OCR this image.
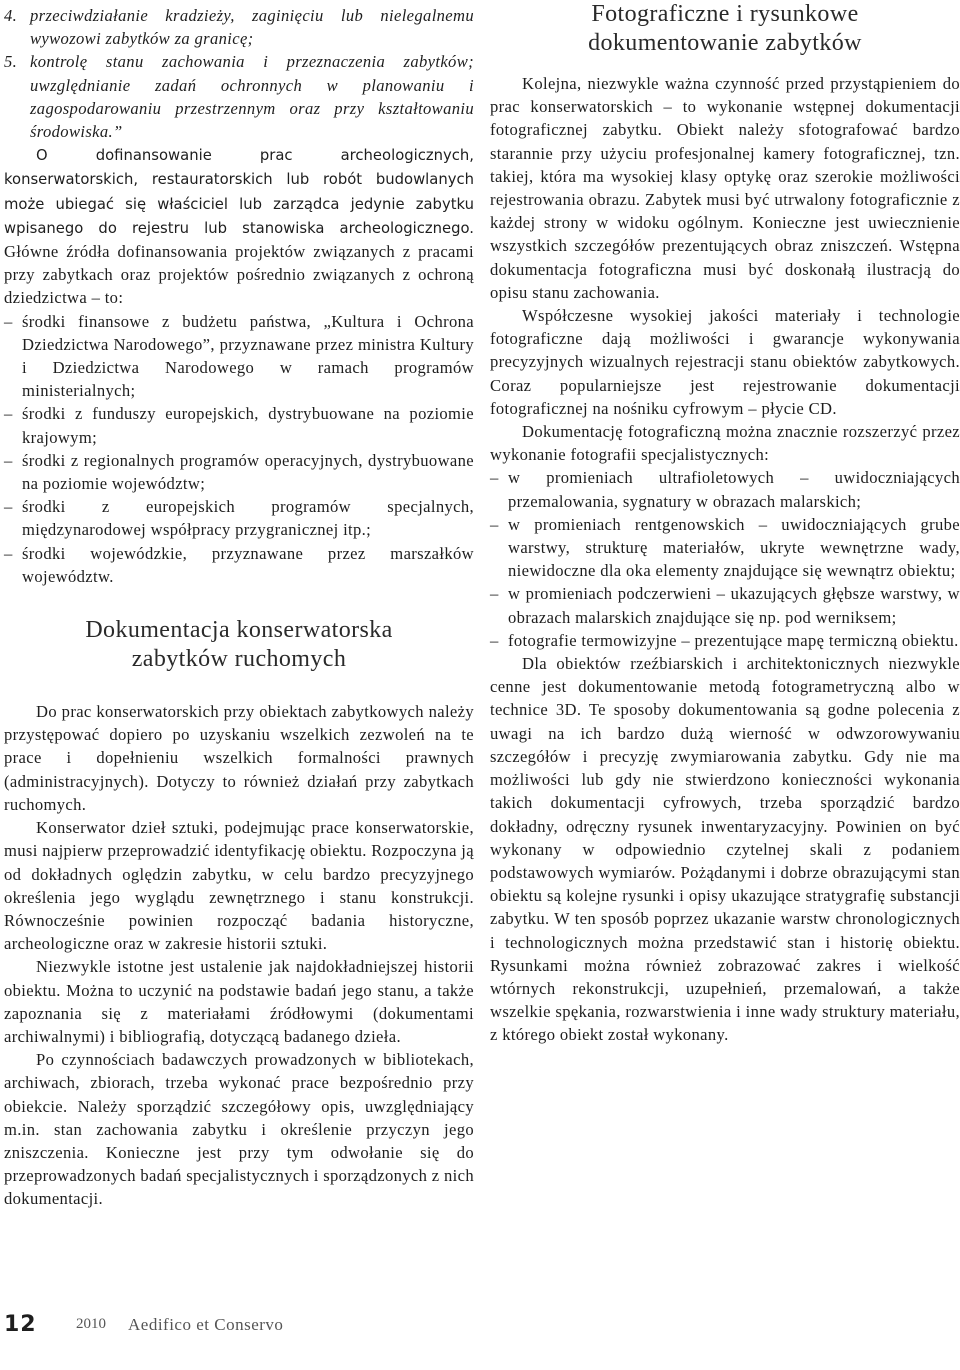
4. przeciwdziałanie kradzieży, zaginięciu lub nielegalnemu wywozowi zabytków za granicę;
5. kontrolę stanu zachowania i przeznaczenia zabytków; uwzględnianie zadań ochronnych w planowaniu i zagospodarowaniu przestrzennym oraz przy kształtowaniu środowiska.”

O dofinansowanie prac archeologicznych, konserwatorskich, restauratorskich lub robót budowlanych może ubiegać się właściciel lub zarządca jedynie zabytku wpisanego do rejestru lub stanowiska archeologicznego. Główne źródła dofinansowania projektów związanych z pracami przy zabytkach oraz projektów pośrednio związanych z ochroną dziedzictwa – to:

– środki finansowe z budżetu państwa, „Kultura i Ochrona Dziedzictwa Narodowego”, przyznawane przez ministra Kultury i Dziedzictwa Narodowego w ramach programów ministerialnych;
– środki z funduszy europejskich, dystrybuowane na poziomie krajowym;
– środki z regionalnych programów operacyjnych, dystrybuowane na poziomie województw;
– środki z europejskich programów specjalnych, międzynarodowej współpracy przygranicznej itp.;
– środki wojewódzkie, przyznawane przez marszałków województw.
Dokumentacja konserwatorska
zabytków ruchomych

Do prac konserwatorskich przy obiektach zabytkowych należy przystępować dopiero po uzyskaniu wszelkich zezwoleń na te prace i dopełnieniu wszelkich formalności prawnych (administracyjnych). Dotyczy to również działań przy zabytkach ruchomych.

Konserwator dzieł sztuki, podejmując prace konserwatorskie, musi najpierw przeprowadzić identyfikację obiektu. Rozpoczyna ją od dokładnych oględzin zabytku, w celu bardzo precyzyjnego określenia jego wyglądu zewnętrznego i stanu konstrukcji. Równocześnie powinien rozpocząć badania historyczne, archeologiczne oraz w zakresie historii sztuki.

Niezwykle istotne jest ustalenie jak najdokładniejszej historii obiektu. Można to uczynić na podstawie badań jego stanu, a także zapoznania się z materiałami źródłowymi (dokumentami archiwalnymi) i bibliografią, dotyczącą badanego dzieła.

Po czynnościach badawczych prowadzonych w bibliotekach, archiwach, zbiorach, trzeba wykonać prace bezpośrednio przy obiekcie. Należy sporządzić szczegółowy opis, uwzględniający m.in. stan zachowania zabytku i określenie przyczyn jego zniszczenia. Konieczne jest przy tym odwołanie się do przeprowadzonych badań specjalistycznych i sporządzonych z nich dokumentacji.

Fotograficzne i rysunkowe
dokumentowanie zabytków

Kolejna, niezwykle ważna czynność przed przystąpieniem do prac konserwatorskich – to wykonanie wstępnej dokumentacji fotograficznej zabytku. Obiekt należy sfotografować bardzo starannie przy użyciu profesjonalnej kamery fotograficznej, tzn. takiej, która ma wysokiej klasy optykę oraz szerokie możliwości rejestrowania obrazu. Zabytek musi być utrwalony fotograficznie z każdej strony w widoku ogólnym. Konieczne jest uwiecznienie wszystkich szczegółów prezentujących obraz zniszczeń. Wstępna dokumentacja fotograficzna musi być doskonałą ilustracją do opisu stanu zachowania.

Współczesne wysokiej jakości materiały i technologie fotograficzne dają możliwości i gwarancje wykonywania precyzyjnych wizualnych rejestracji stanu obiektów zabytkowych. Coraz popularniejsze jest rejestrowanie dokumentacji fotograficznej na nośniku cyfrowym – płycie CD.

Dokumentację fotograficzną można znacznie rozszerzyć przez wykonanie fotografii specjalistycznych:

– w promieniach ultrafioletowych – uwidoczniających przemalowania, sygnatury w obrazach malarskich;
– w promieniach rentgenowskich – uwidoczniających grube warstwy, strukturę materiałów, ukryte wewnętrzne wady, niewidoczne dla oka elementy znajdujące się wewnątrz obiektu;
– w promieniach podczerwieni – ukazujących głębsze warstwy, w obrazach malarskich znajdujące się np. pod werniksem;
– fotografie termowizyjne – prezentujące mapę termiczną obiektu.

Dla obiektów rzeźbiarskich i architektonicznych niezwykle cenne jest dokumentowanie metodą fotogrametryczną albo w technice 3D. Te sposoby dokumentowania są godne polecenia z uwagi na ich bardzo dużą wierność w odwzorowywaniu szczegółów i precyzję zwymiarowania zabytku. Gdy nie ma możliwości lub gdy nie stwierdzono konieczności wykonania takich dokumentacji cyfrowych, trzeba sporządzić bardzo dokładny, odręczny rysunek inwentaryzacyjny. Powinien on być wykonany w odpowiednio czytelnej skali z podaniem podstawowych wymiarów. Pożądanymi i dobrze obrazującymi stan obiektu są kolejne rysunki i opisy ukazujące stratygrafię substancji zabytku. W ten sposób poprzez ukazanie warstw chronologicznych i technologicznych można przedstawić stan i historię obiektu. Rysunkami można również zobrazować zakres i wielkość wtórnych rekonstrukcji, uzupełnień, przemalowań, a także wszelkie spękania, rozwarstwienia i inne wady struktury materiału, z którego obiekt został wykonany.

12	2010 Aedifico et Conservo
